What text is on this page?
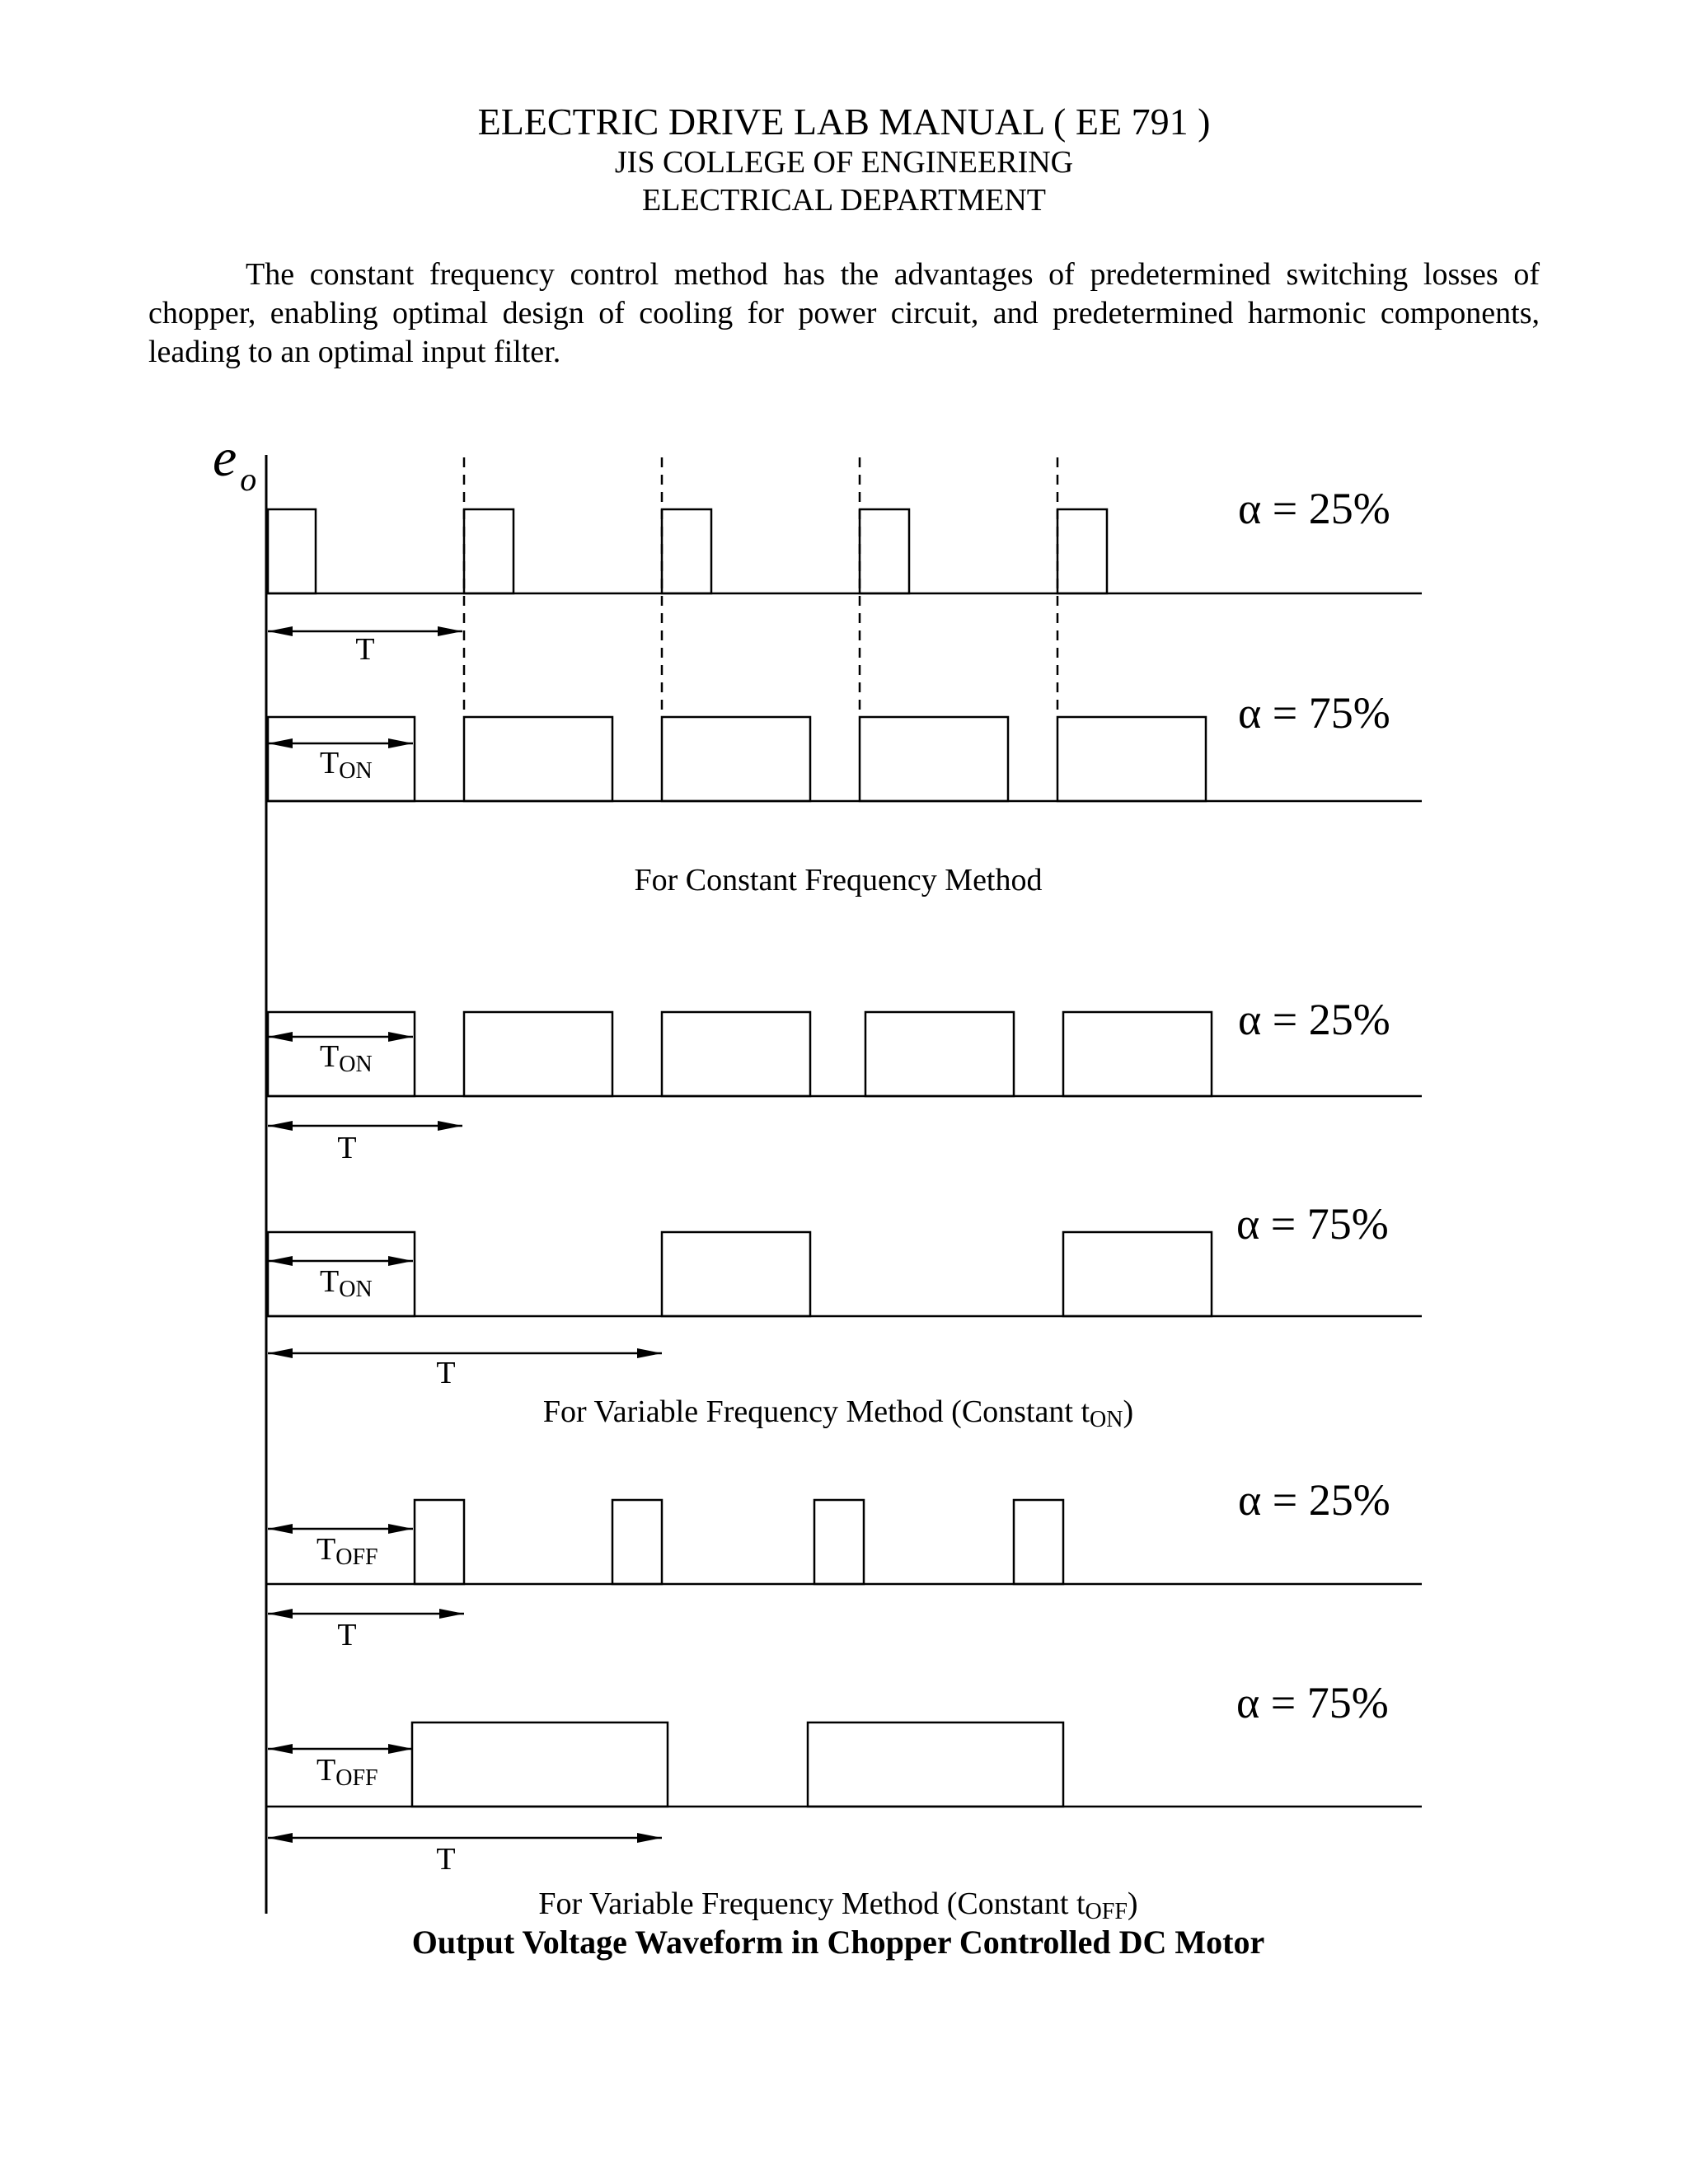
ELECTRIC DRIVE LAB MANUAL ( EE 791 )
JIS COLLEGE OF ENGINEERING
ELECTRICAL DEPARTMENT
The constant frequency control method has the advantages of predetermined switching losses of chopper, enabling optimal design of cooling for power circuit, and predetermined harmonic components, leading to an optimal input filter.
e $_o$
α = 25%
T
α = 75%
TON
For Constant Frequency Method
α = 25%
TON
T
α = 75%
TON
T
For Variable Frequency Method (Constant tON)
α = 25%
TOFF
T
α = 75%
TOFF
T
For Variable Frequency Method (Constant tOFF)
Output Voltage Waveform in Chopper Controlled DC Motor
